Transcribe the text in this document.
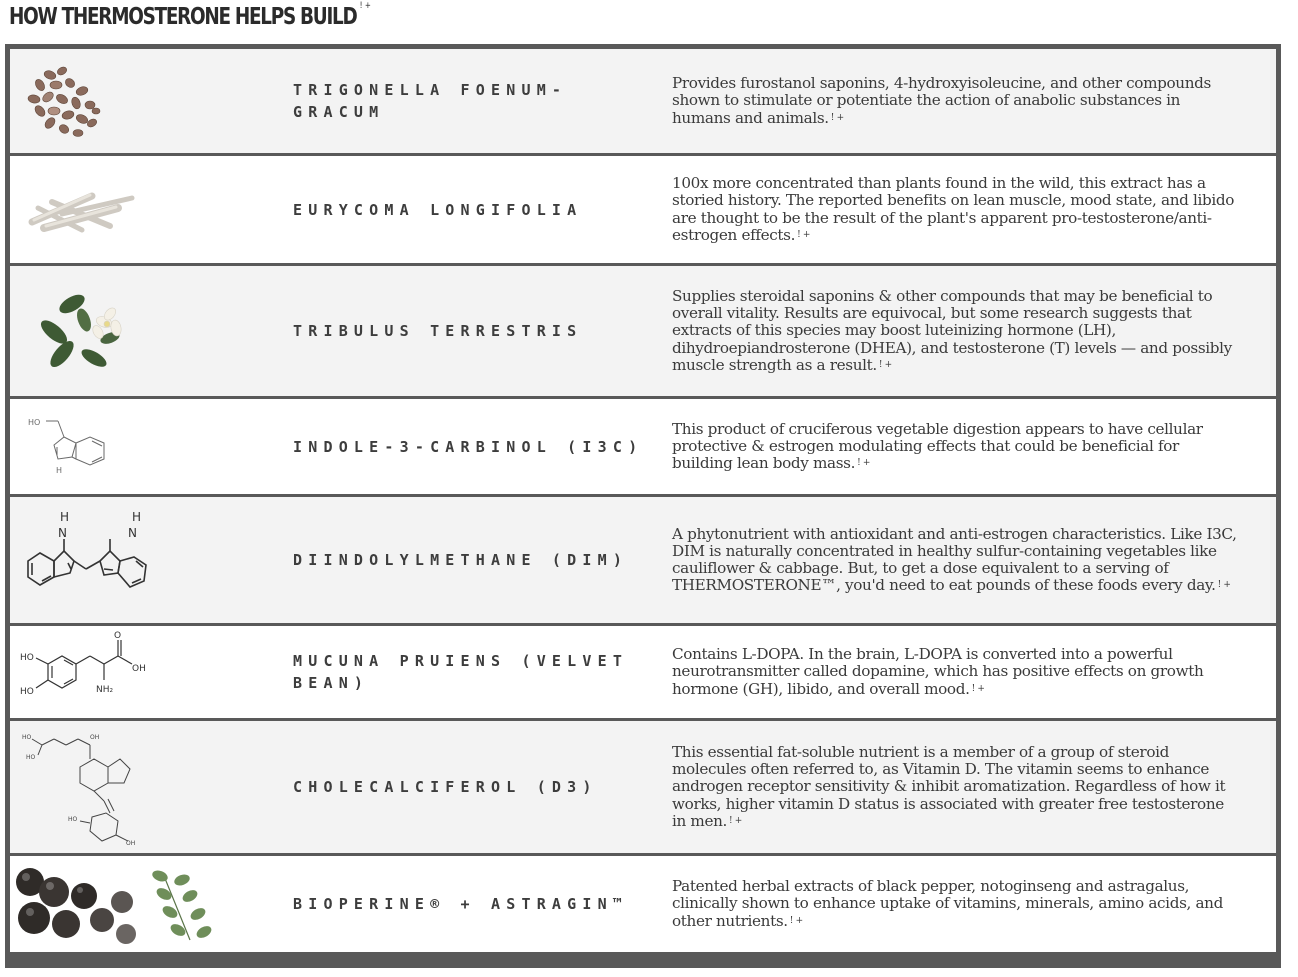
HOW THERMOSTERONE HELPS BUILD ! +
TRIGONELLA FOENUM-GRACUM
Provides furostanol saponins, 4-hydroxyisoleucine, and other compounds shown to stimulate or potentiate the action of anabolic substances in humans and animals. ! +
EURYCOMA LONGIFOLIA
100x more concentrated than plants found in the wild, this extract has a storied history. The reported benefits on lean muscle, mood state, and libido are thought to be the result of the plant's apparent pro-testosterone/anti-estrogen effects. ! +
TRIBULUS TERRESTRIS
Supplies steroidal saponins & other compounds that may be beneficial to overall vitality. Results are equivocal, but some research suggests that extracts of this species may boost luteinizing hormone (LH), dihydroepiandrosterone (DHEA), and testosterone (T) levels — and possibly muscle strength as a result. ! +
HO
H
INDOLE-3-CARBINOL (I3C)
This product of cruciferous vegetable digestion appears to have cellular protective & estrogen modulating effects that could be beneficial for building lean body mass. ! +
H
N
H
N
DIINDOLYLMETHANE (DIM)
A phytonutrient with antioxidant and anti-estrogen characteristics. Like I3C, DIM is naturally concentrated in healthy sulfur-containing vegetables like cauliflower & cabbage. But, to get a dose equivalent to a serving of THERMOSTERONE™, you'd need to eat pounds of these foods every day. ! +
HO
HO
O
OH
NH₂
MUCUNA PRUIENS (VELVET BEAN)
Contains L-DOPA. In the brain, L-DOPA is converted into a powerful neurotransmitter called dopamine, which has positive effects on growth hormone (GH), libido, and overall mood. ! +
HO
HO
OH
OH
HO
CHOLECALCIFEROL (D3)
This essential fat-soluble nutrient is a member of a group of steroid molecules often referred to, as Vitamin D. The vitamin seems to enhance androgen receptor sensitivity & inhibit aromatization. Regardless of how it works, higher vitamin D status is associated with greater free testosterone in men. ! +
BIOPERINE® + ASTRAGIN™
Patented herbal extracts of black pepper, notoginseng and astragalus, clinically shown to enhance uptake of vitamins, minerals, amino acids, and other nutrients. ! +
